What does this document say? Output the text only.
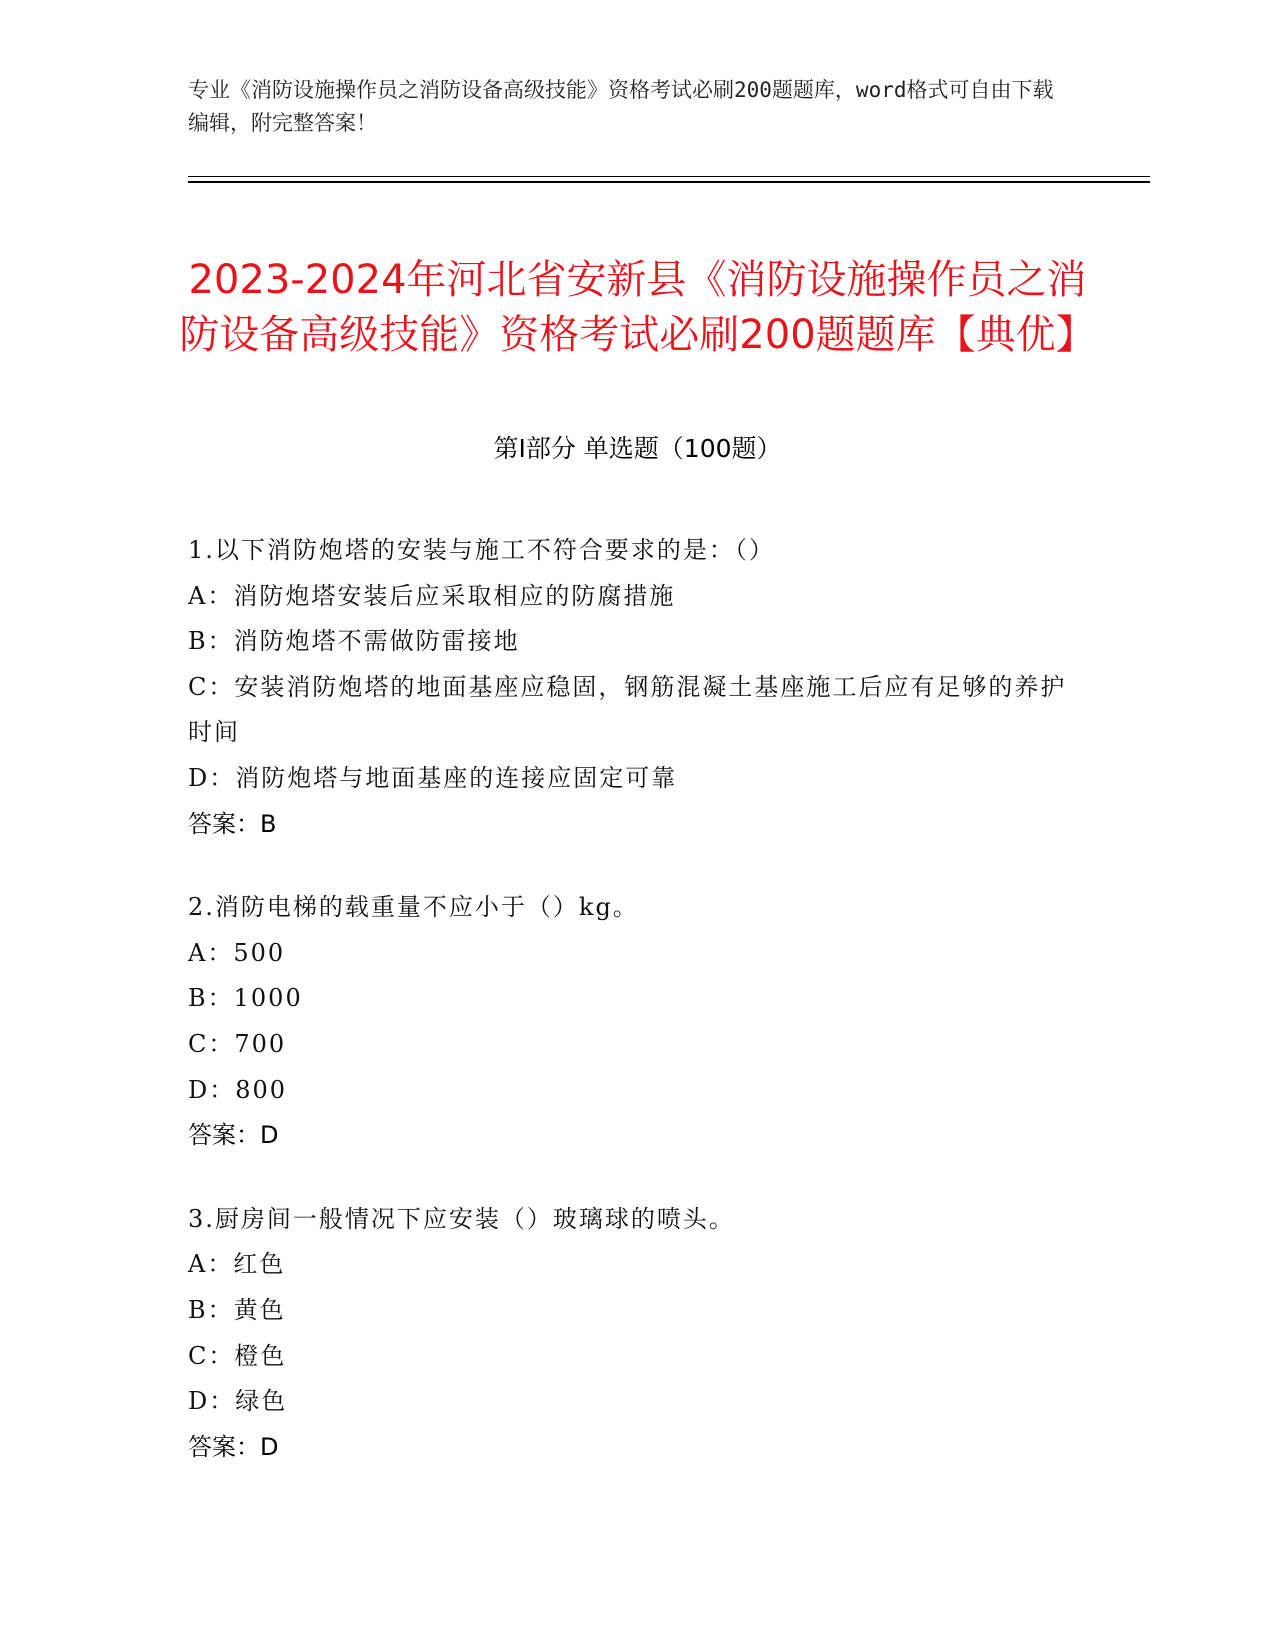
专业《消防设施操作员之消防设备高级技能》资格考试必刷200题题库，word格式可自由下载编辑，附完整答案！
2023-2024年河北省安新县《消防设施操作员之消防设备高级技能》资格考试必刷200题题库【典优】
第Ⅰ部分 单选题（100题）
1.以下消防炮塔的安装与施工不符合要求的是：（）
A：消防炮塔安装后应采取相应的防腐措施
B：消防炮塔不需做防雷接地
C：安装消防炮塔的地面基座应稳固，钢筋混凝土基座施工后应有足够的养护时间
D：消防炮塔与地面基座的连接应固定可靠
答案：B
2.消防电梯的载重量不应小于（）kg。
A：500
B：1000
C：700
D：800
答案：D
3.厨房间一般情况下应安装（）玻璃球的喷头。
A：红色
B：黄色
C：橙色
D：绿色
答案：D
